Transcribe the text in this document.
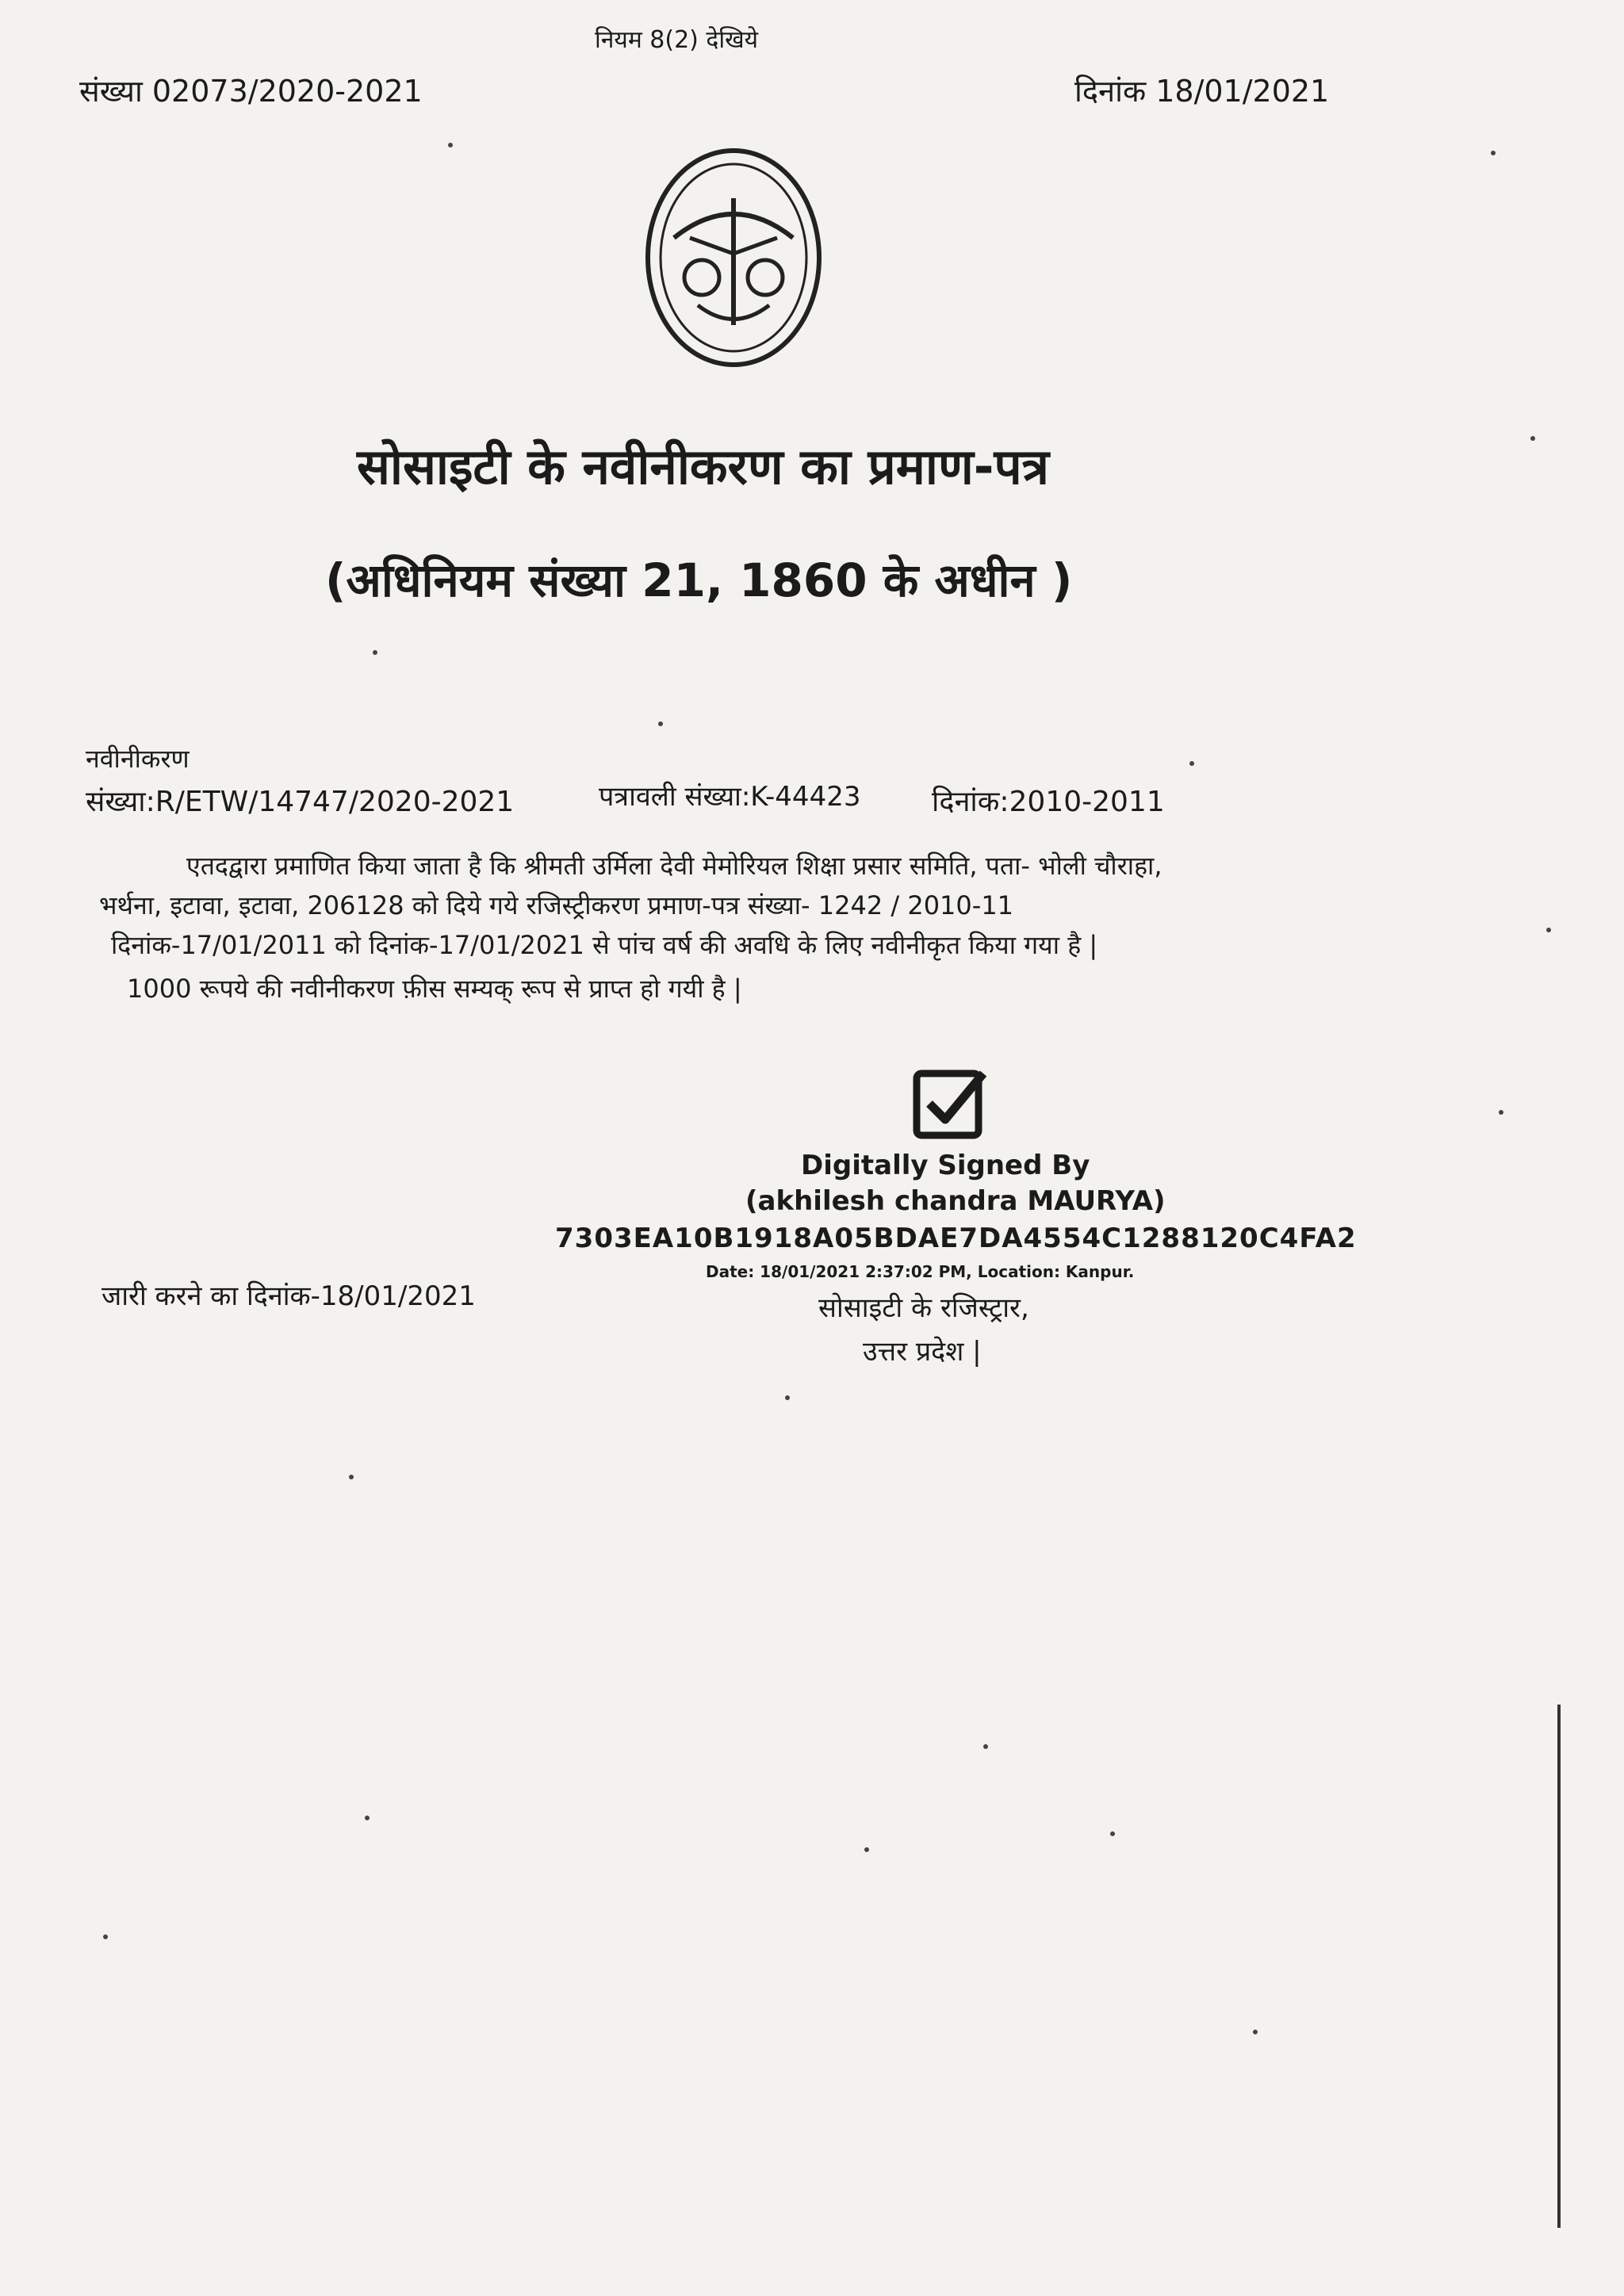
नियम 8(2) देखिये
संख्या 02073/2020-2021	दिनांक 18/01/2021
सोसाइटी के नवीनीकरण का प्रमाण-पत्र
(अधिनियम संख्या 21, 1860 के अधीन )
नवीनीकरण
संख्या:R/ETW/14747/2020-2021	पत्रावली संख्या:K-44423 दिनांक:2010-2011
एतदद्वारा प्रमाणित किया जाता है कि श्रीमती उर्मिला देवी मेमोरियल शिक्षा प्रसार समिति, पता- भोली चौराहा,
भर्थना, इटावा, इटावा, 206128 को दिये गये रजिस्ट्रीकरण प्रमाण-पत्र संख्या- 1242 / 2010-11
दिनांक-17/01/2011 को दिनांक-17/01/2021 से पांच वर्ष की अवधि के लिए नवीनीकृत किया गया है |
1000 रूपये की नवीनीकरण फ़ीस सम्यक् रूप से प्राप्त हो गयी है |
Digitally Signed By
(akhilesh chandra MAURYA)
7303EA10B1918A05BDAE7DA4554C1288120C4FA2
Date: 18/01/2021 2:37:02 PM, Location: Kanpur.
सोसाइटी के रजिस्ट्रार,
उत्तर प्रदेश |
जारी करने का दिनांक-18/01/2021
